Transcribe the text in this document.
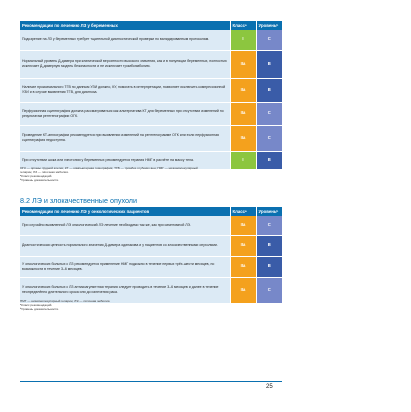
Рекомендации по лечению ЛЗ у беременных	Классᵃ	Уровеньᵇ
Подозрение на ЛЗ у беременных требует тщательной диагностической проверки по валидированным протоколам.	I	C
Нормальный уровень Д-димера при клинической вероятности высокого значения, как и в популяции беременных, полностью исключает Д-димерную модель безопасности и не исключает тромбоэмболию.	IIa	B
Наличие проксимального ТГВ по данным УЗИ должно, КУ, помогать в интерпретации, позволяет исключить компрессионной УЗИ и в случае выявления ТГВ, для диагноза.	IIa	B
Перфузионная сцинтиграфия должна рассматриваться как альтернатива КТ для беременных при отсутствии изменений по результатам рентгенографии ОГК.	IIa	C
Проведение КТ-ангиографии рекомендуется при выявлении изменений на рентгенограмме ОГК или если перфузионная сцинтиграфия недоступна.	IIa	C
При отсутствии шока или гипотонии у беременных рекомендуется терапия НМГ в расчёте на массу тела.	I	B
ОГК — органы грудной клетки; КТ — компьютерная томография; ТГВ — тромбоз глубоких вен; НМГ — низкомолекулярный
гепарин; ЛЗ — лёгочная эмболия.
ᵃКласс рекомендаций.
ᵇУровень доказательности.
8.2 ЛЭ и злокачественные опухоли
Рекомендации по лечению ЛЭ у онкологических пациентов	Классᵃ	Уровеньᵇ
При случайно выявленной ЛЭ онкологический ЛЭ лечение необходимо так же, как при симптомной ЛЭ.	IIa	C
Диагностическая ценность нормального значения Д-димера одинакова и у пациентов со злокачественными опухолями.	IIa	B
У онкологических больных с ЛЗ рекомендуется применение НМГ подкожно в течение первых трёх-шести месяцев, по возможности в течение 3–6 месяцев.	IIa	B
У онкологических больных с ЛЗ антикоагулянтная терапия следует проводить в течение 3–6 месяцев и далее в течение неопределённо длительного срока или до излечения рака.	IIa	C
НМГ — низкомолекулярный гепарин; ЛЭ — лёгочная эмболия.
ᵃКласс рекомендаций.
ᵇУровень доказательности.
25
